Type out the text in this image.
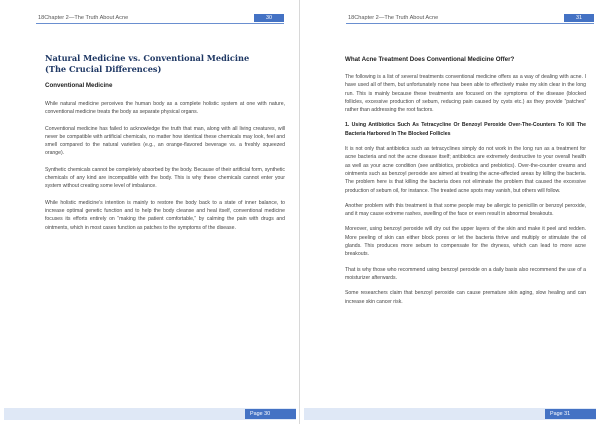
18Chapter 2—The Truth About Acne	30

Natural Medicine vs. Conventional Medicine

(The Crucial Differences)

Conventional Medicine

While natural medicine perceives the human body as a complete holistic system at one with nature, conventional medicine treats the body as separate physical organs.

Conventional medicine has failed to acknowledge the truth that man, along with all living creatures, will never be compatible with artificial chemicals, no matter how identical these chemicals may look, feel and smell compared to the natural varieties (e.g., an orange-flavored beverage vs. a freshly squeezed orange).

Synthetic chemicals cannot be completely absorbed by the body. Because of their artificial form, synthetic chemicals of any kind are incompatible with the body. This is why these chemicals cannot enter your system without creating some level of imbalance.

While holistic medicine’s intention is mainly to restore the body back to a state of inner balance, to increase optimal genetic function and to help the body cleanse and heal itself, conventional medicine focuses its efforts entirely on “making the patient comfortable,” by calming the pain with drugs and ointments, which in most cases function as patches to the symptoms of the disease.

Page 30
18Chapter 2—The Truth About Acne	31

What Acne Treatment Does Conventional Medicine Offer?

The following is a list of several treatments conventional medicine offers as a way of dealing with acne. I have used all of them, but unfortunately none has been able to effectively make my skin clear in the long run. This is mainly because these treatments are focused on the symptoms of the disease (blocked follicles, excessive production of sebum, reducing pain caused by cysts etc.) as they provide “patches” rather than addressing the root factors.

1. Using Antibiotics Such As Tetracycline Or Benzoyl Peroxide Over-The-Counters To Kill The Bacteria Harbored In The Blocked Follicles

It is not only that antibiotics such as tetracyclines simply do not work in the long run as a treatment for acne bacteria and not the acne disease itself; antibiotics are extremely destructive to your overall health as well as your acne condition (see antibiotics, probiotics and prebiotics). Over-the-counter creams and ointments such as benzoyl peroxide are aimed at treating the acne-affected areas by killing the bacteria. The problem here is that killing the bacteria does not eliminate the problem that caused the excessive production of sebum oil, for instance. The treated acne spots may vanish, but others will follow.

Another problem with this treatment is that some people may be allergic to penicillin or benzoyl peroxide, and it may cause extreme rashes, swelling of the face or even result in abnormal breakouts.

Moreover, using benzoyl peroxide will dry out the upper layers of the skin and make it peel and redden. More peeling of skin can either block pores or let the bacteria thrive and multiply or stimulate the oil glands. This produces more sebum to compensate for the dryness, which can lead to more acne breakouts.

That is why those who recommend using benzoyl peroxide on a daily basis also recommend the use of a moisturizer afterwards.

Some researchers claim that benzoyl peroxide can cause premature skin aging, slow healing and can increase skin cancer risk.

Page 31
